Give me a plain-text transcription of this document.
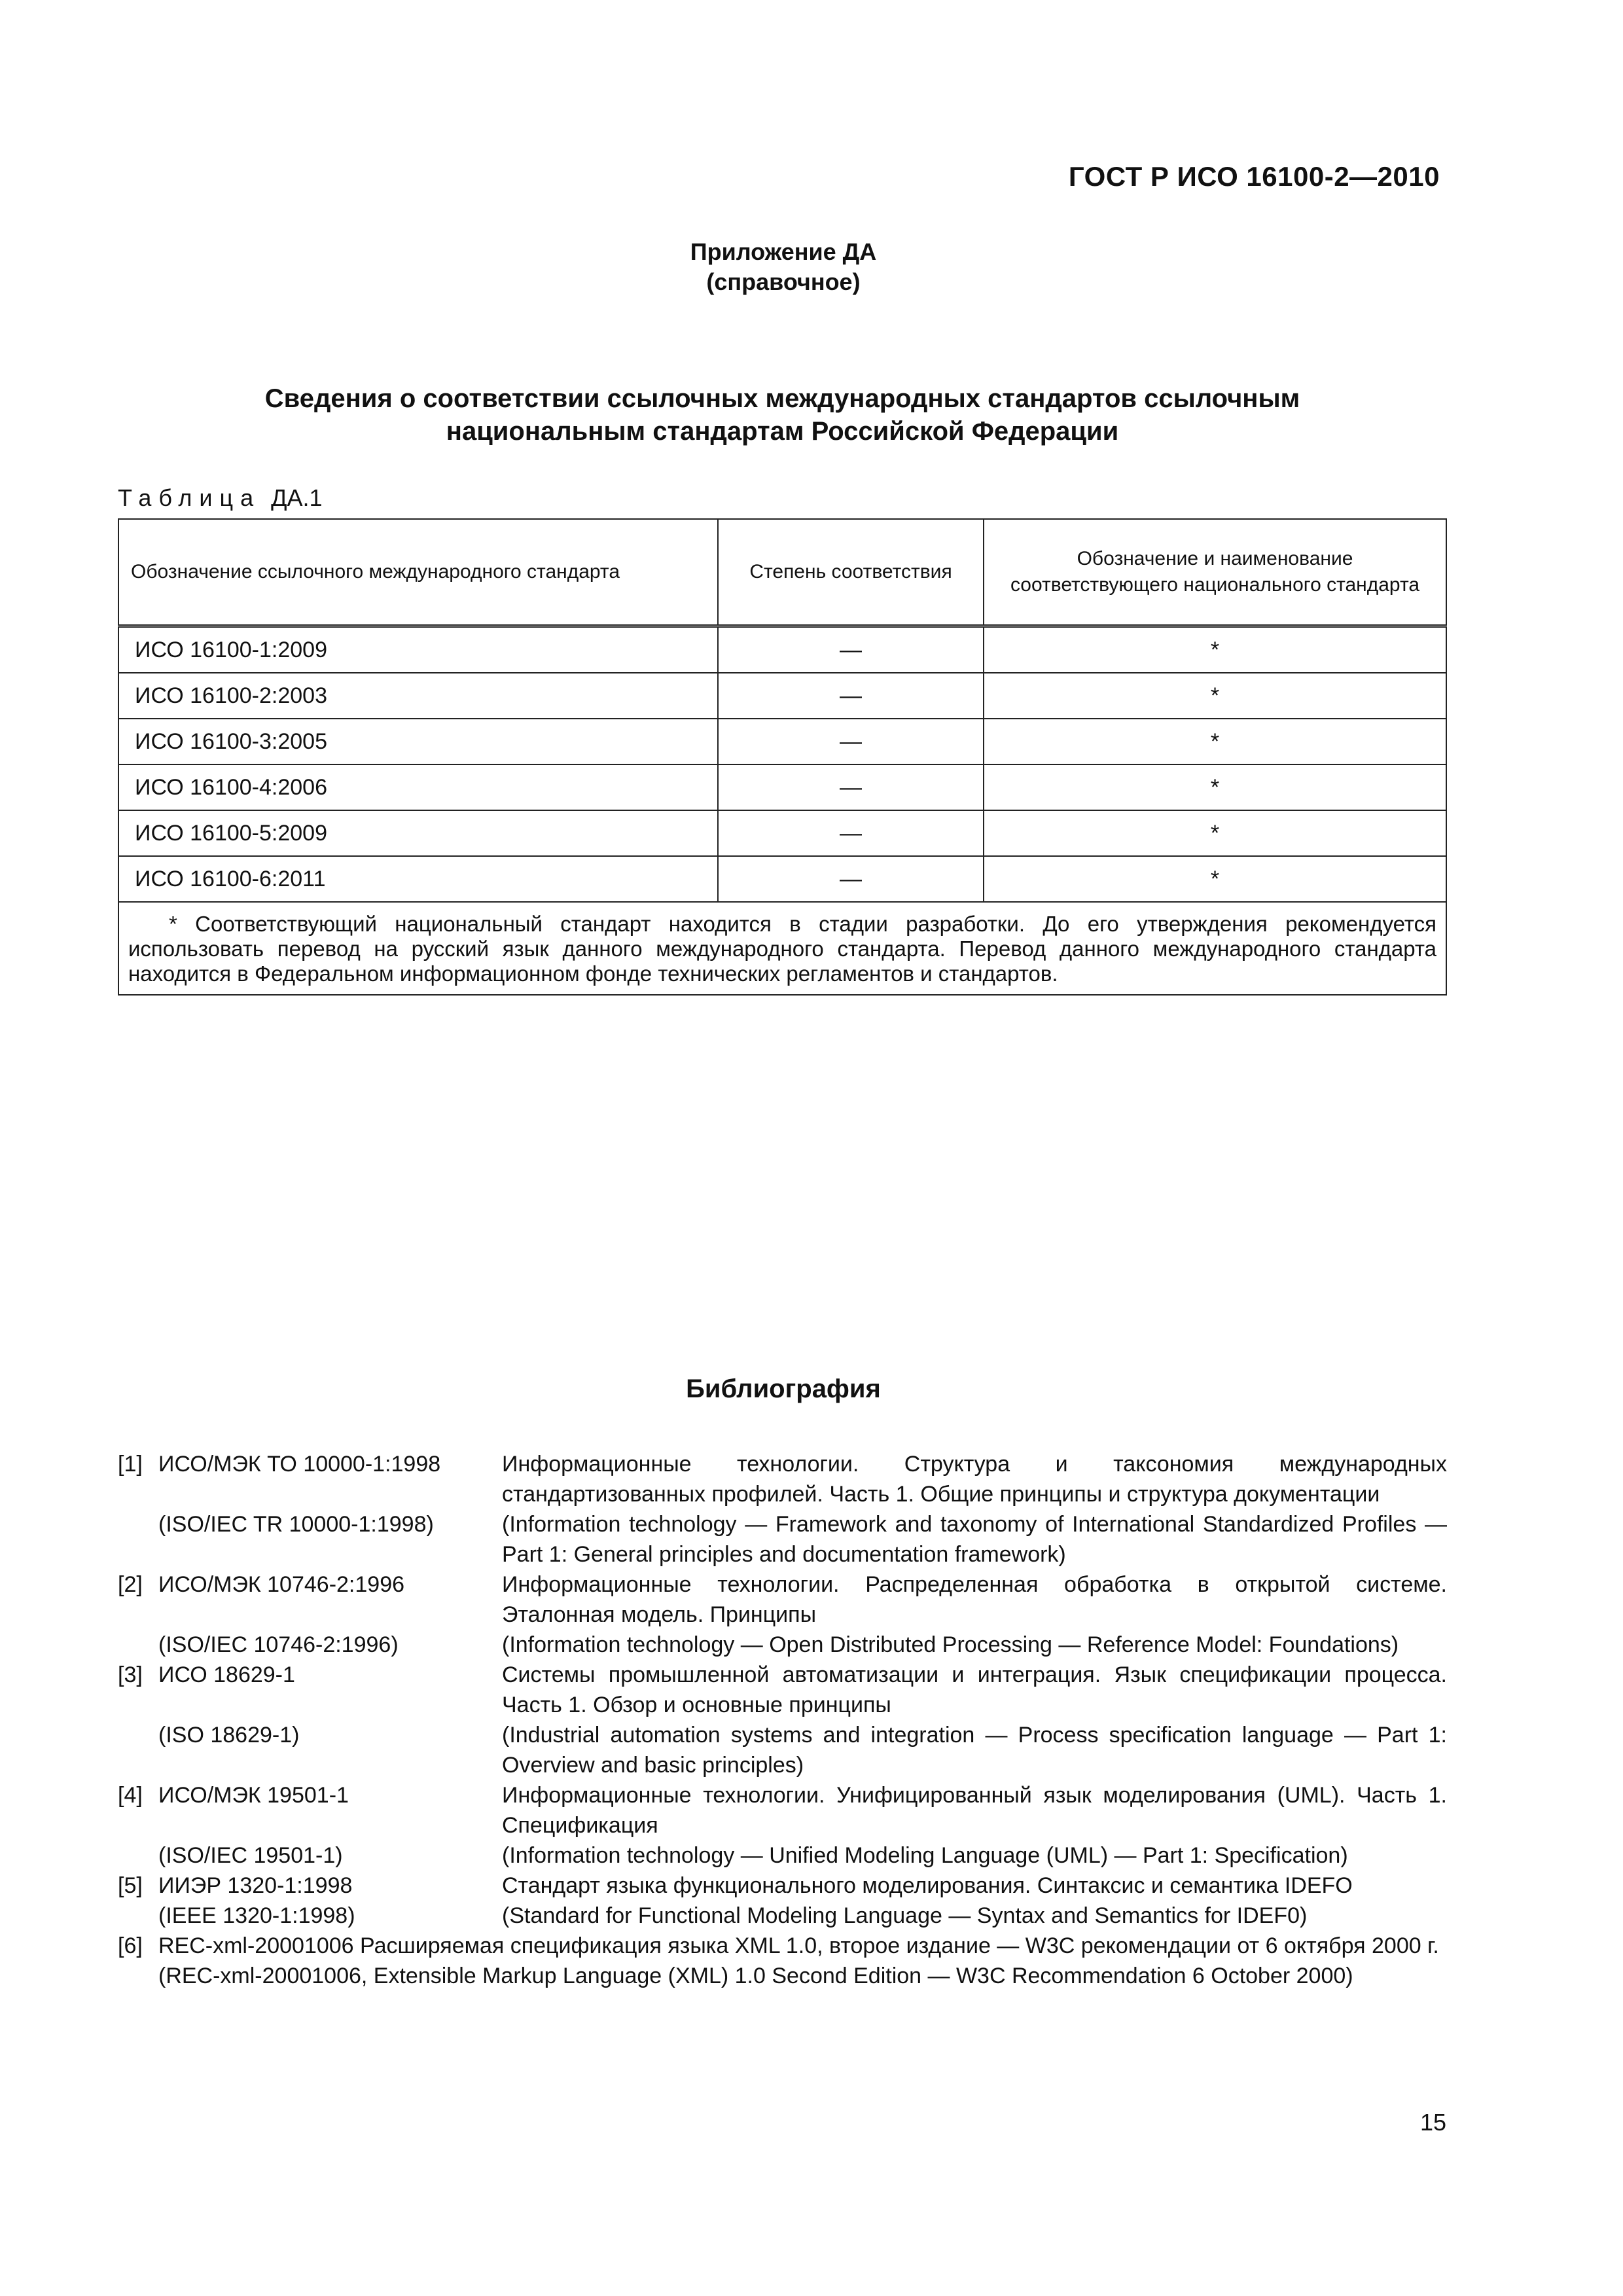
ГОСТ Р ИСО 16100-2—2010
Приложение ДА
(справочное)
Сведения о соответствии ссылочных международных стандартов ссылочным
национальным стандартам Российской Федерации
Таблица ДА.1
Обозначение ссылочного международного стандарта	Степень соответствия	Обозначение и наименование соответствующего национального стандарта
ИСО 16100-1:2009	—	*
ИСО 16100-2:2003	—	*
ИСО 16100-3:2005	—	*
ИСО 16100-4:2006	—	*
ИСО 16100-5:2009	—	*
ИСО 16100-6:2011	—	*
* Соответствующий национальный стандарт находится в стадии разработки. До его утверждения рекомендуется использовать перевод на русский язык данного международного стандарта. Перевод данного международного стандарта находится в Федеральном информационном фонде технических регламентов и стандартов.		
Библиография
[1] ИСО/МЭК ТО 10000-1:1998	Информационные технологии. Структура и таксономия международных стандартизованных профилей. Часть 1. Общие принципы и структура документации
(ISO/IEC TR 10000-1:1998)	(Information technology — Framework and taxonomy of International Standardized Profiles — Part 1: General principles and documentation framework)
[2] ИСО/МЭК 10746-2:1996	Информационные технологии. Распределенная обработка в открытой системе. Эталонная модель. Принципы
(ISO/IEC 10746-2:1996)	(Information technology — Open Distributed Processing — Reference Model: Foundations)
[3] ИСО 18629-1	Системы промышленной автоматизации и интеграция. Язык спецификации процесса. Часть 1. Обзор и основные принципы
(ISO 18629-1)	(Industrial automation systems and integration — Process specification language — Part 1: Overview and basic principles)
[4] ИСО/МЭК 19501-1	Информационные технологии. Унифицированный язык моделирования (UML). Часть 1. Спецификация
(ISO/IEC 19501-1)	(Information technology — Unified Modeling Language (UML) — Part 1: Specification)
[5] ИИЭР 1320-1:1998	Стандарт языка функционального моделирования. Синтаксис и семантика IDEFO
(IEEE 1320-1:1998)	(Standard for Functional Modeling Language — Syntax and Semantics for IDEF0)
[6] REC-xml-20001006 Расширяемая спецификация языка XML 1.0, второе издание — W3C рекомендации от 6 октября 2000 г.
(REC-xml-20001006, Extensible Markup Language (XML) 1.0 Second Edition — W3C Recommendation 6 October 2000)
15
